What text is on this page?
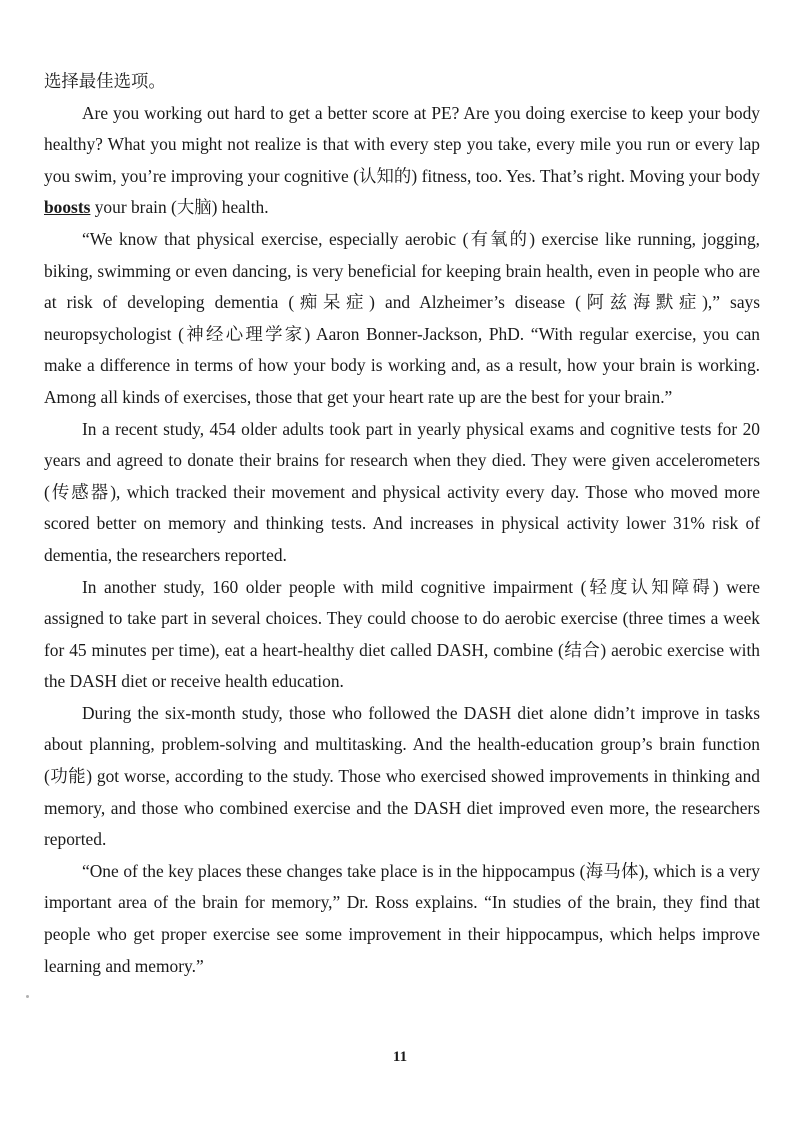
选择最佳选项。

Are you working out hard to get a better score at PE? Are you doing exercise to keep your body healthy? What you might not realize is that with every step you take, every mile you run or every lap you swim, you’re improving your cognitive (认知的) fitness, too. Yes. That’s right. Moving your body boosts your brain (大脑) health.

“We know that physical exercise, especially aerobic (有氧的) exercise like running, jogging, biking, swimming or even dancing, is very beneficial for keeping brain health, even in people who are at risk of developing dementia (痴呆症) and Alzheimer’s disease (阿兹海默症),” says neuropsychologist (神经心理学家) Aaron Bonner-Jackson, PhD. “With regular exercise, you can make a difference in terms of how your body is working and, as a result, how your brain is working. Among all kinds of exercises, those that get your heart rate up are the best for your brain.”

In a recent study, 454 older adults took part in yearly physical exams and cognitive tests for 20 years and agreed to donate their brains for research when they died. They were given accelerometers (传感器), which tracked their movement and physical activity every day. Those who moved more scored better on memory and thinking tests. And increases in physical activity lower 31% risk of dementia, the researchers reported.

In another study, 160 older people with mild cognitive impairment (轻度认知障碍) were assigned to take part in several choices. They could choose to do aerobic exercise (three times a week for 45 minutes per time), eat a heart-healthy diet called DASH, combine (结合) aerobic exercise with the DASH diet or receive health education.

During the six-month study, those who followed the DASH diet alone didn’t improve in tasks about planning, problem-solving and multitasking. And the health-education group’s brain function (功能) got worse, according to the study. Those who exercised showed improvements in thinking and memory, and those who combined exercise and the DASH diet improved even more, the researchers reported.

“One of the key places these changes take place is in the hippocampus (海马体), which is a very important area of the brain for memory,” Dr. Ross explains. “In studies of the brain, they find that people who get proper exercise see some improvement in their hippocampus, which helps improve learning and memory.”

11
